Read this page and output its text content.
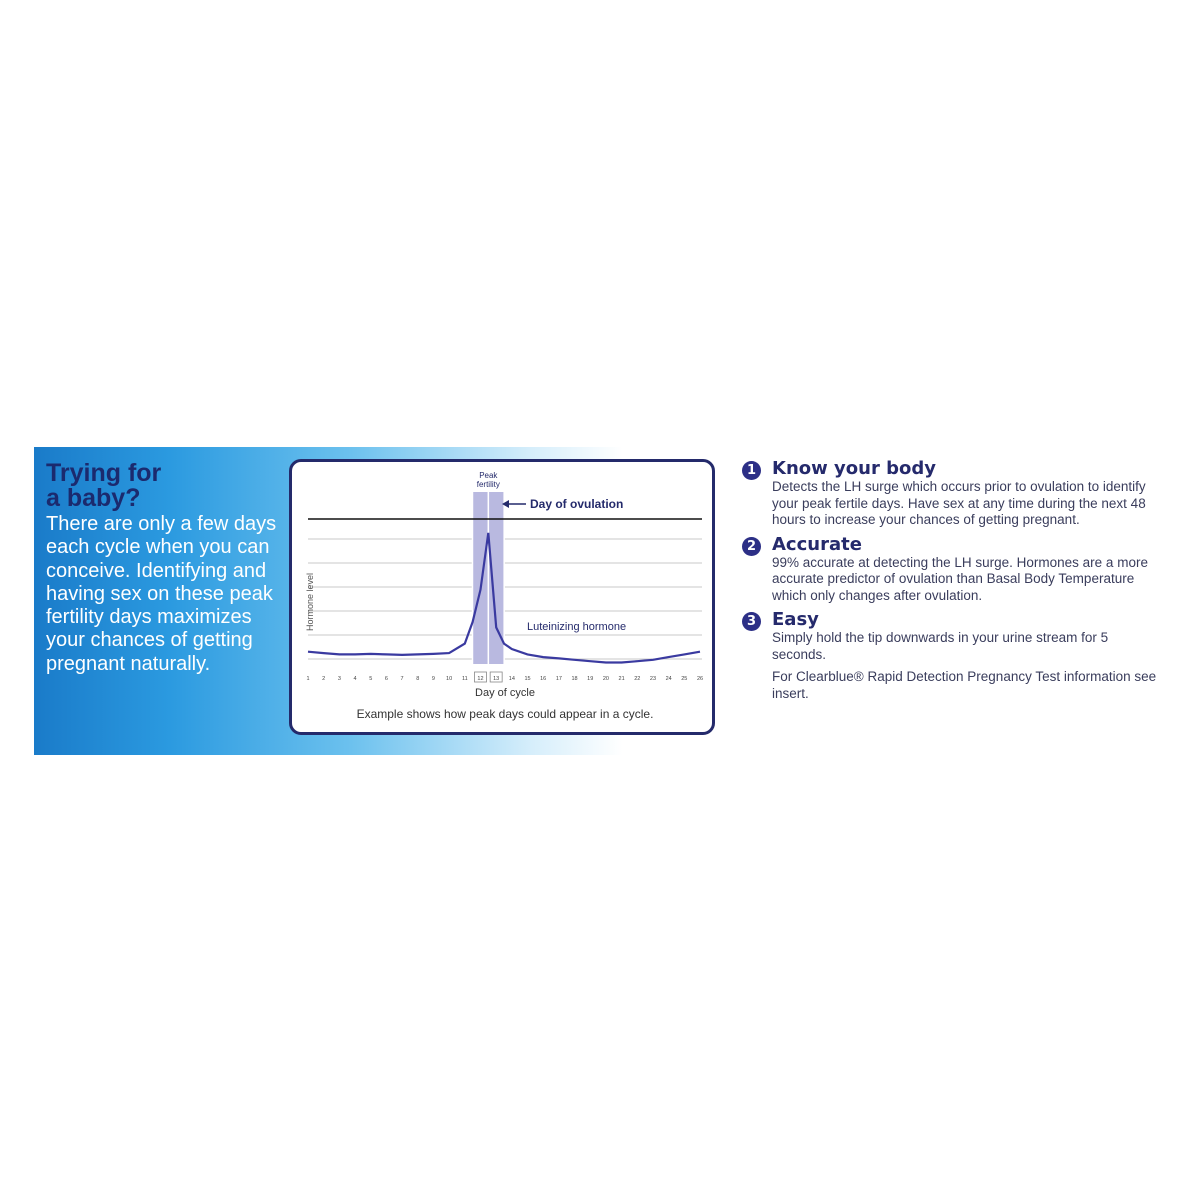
Trying for
a baby?

There are only a few days each cycle when you can conceive. Identifying and having sex on these peak fertility days maximizes your chances of getting pregnant naturally.

Peak
fertility
Day of ovulation
Luteinizing hormone
Hormone level
1 2 3 4 5 6 7 8 9 10 11 12 13 14 15 16 17 18 19 20 21 22 23 24 25 26
Day of cycle
Example shows how peak days could appear in a cycle.
1 Know your body

Detects the LH surge which occurs prior to ovulation to identify your peak fertile days. Have sex at any time during the next 48 hours to increase your chances of getting pregnant.

2 Accurate

99% accurate at detecting the LH surge. Hormones are a more accurate predictor of ovulation than Basal Body Temperature which only changes after ovulation.

3 Easy

Simply hold the tip downwards in your urine stream for 5 seconds.

For Clearblue® Rapid Detection Pregnancy Test information see insert.
